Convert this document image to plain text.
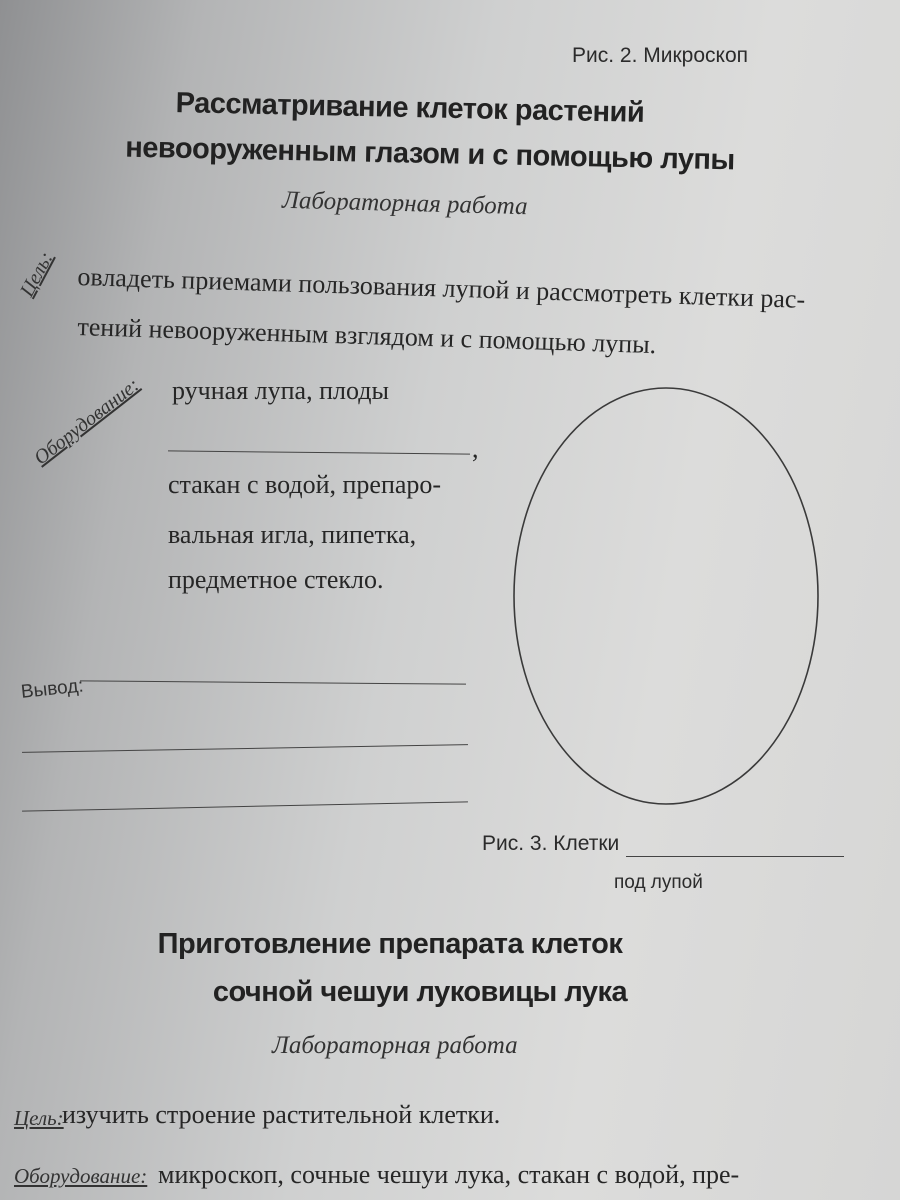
Рис. 2. Микроскоп
Рассматривание клеток растений
невооруженным глазом и с помощью лупы
Лабораторная работа
Цель: овладеть приемами пользования лупой и рассмотреть клетки рас-
тений невооруженным взглядом и с помощью лупы.
Оборудование: ручная лупа, плоды
,
стакан с водой, препаро-
вальная игла, пипетка,
предметное стекло.
Вывод:
Рис. 3. Клетки
под лупой
Приготовление препарата клеток
сочной чешуи луковицы лука
Лабораторная работа
Цель:
изучить строение растительной клетки.
Оборудование: микроскоп, сочные чешуи лука, стакан с водой, пре-
